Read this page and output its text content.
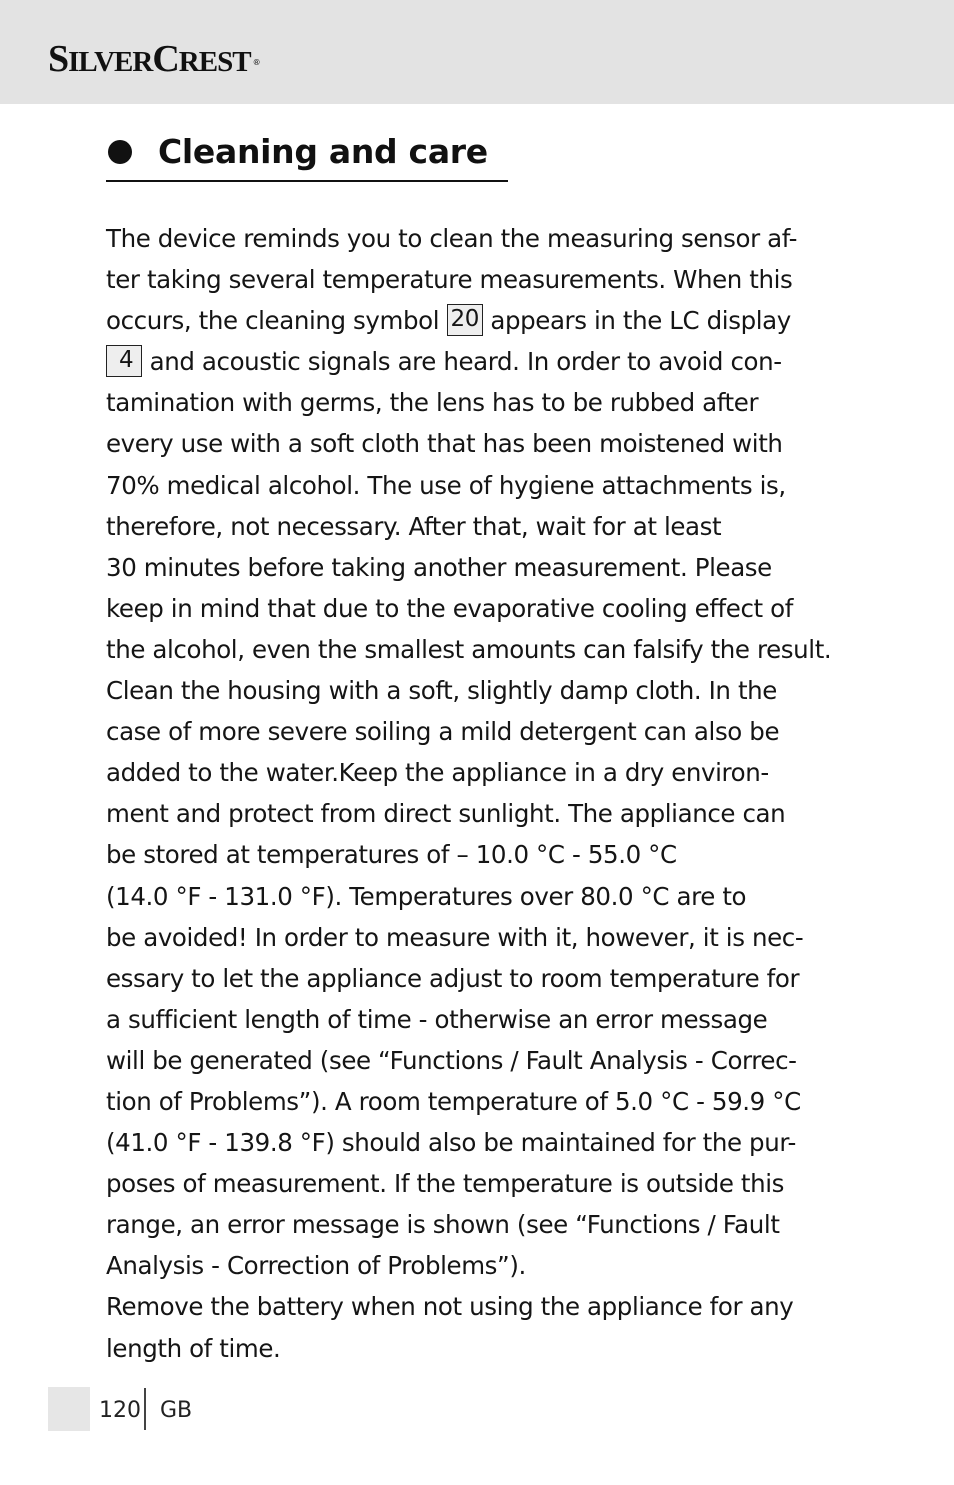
SILVERCREST ®
Cleaning and care
The device reminds you to clean the measuring sensor af-
ter taking several temperature measurements. When this
occurs, the cleaning symbol 20 appears in the LC display
4 and acoustic signals are heard. In order to avoid con-
tamination with germs, the lens has to be rubbed after
every use with a soft cloth that has been moistened with
70% medical alcohol. The use of hygiene attachments is,
therefore, not necessary. After that, wait for at least
30 minutes before taking another measurement. Please
keep in mind that due to the evaporative cooling effect of
the alcohol, even the smallest amounts can falsify the result.
Clean the housing with a soft, slightly damp cloth. In the
case of more severe soiling a mild detergent can also be
added to the water.Keep the appliance in a dry environ-
ment and protect from direct sunlight. The appliance can
be stored at temperatures of – 10.0 °C - 55.0 °C
(14.0 °F - 131.0 °F). Temperatures over 80.0 °C are to
be avoided! In order to measure with it, however, it is nec-
essary to let the appliance adjust to room temperature for
a sufficient length of time - otherwise an error message
will be generated (see “Functions / Fault Analysis - Correc-
tion of Problems”). A room temperature of 5.0 °C - 59.9 °C
(41.0 °F - 139.8 °F) should also be maintained for the pur-
poses of measurement. If the temperature is outside this
range, an error message is shown (see “Functions / Fault
Analysis - Correction of Problems”).
Remove the battery when not using the appliance for any
length of time.
120 GB
